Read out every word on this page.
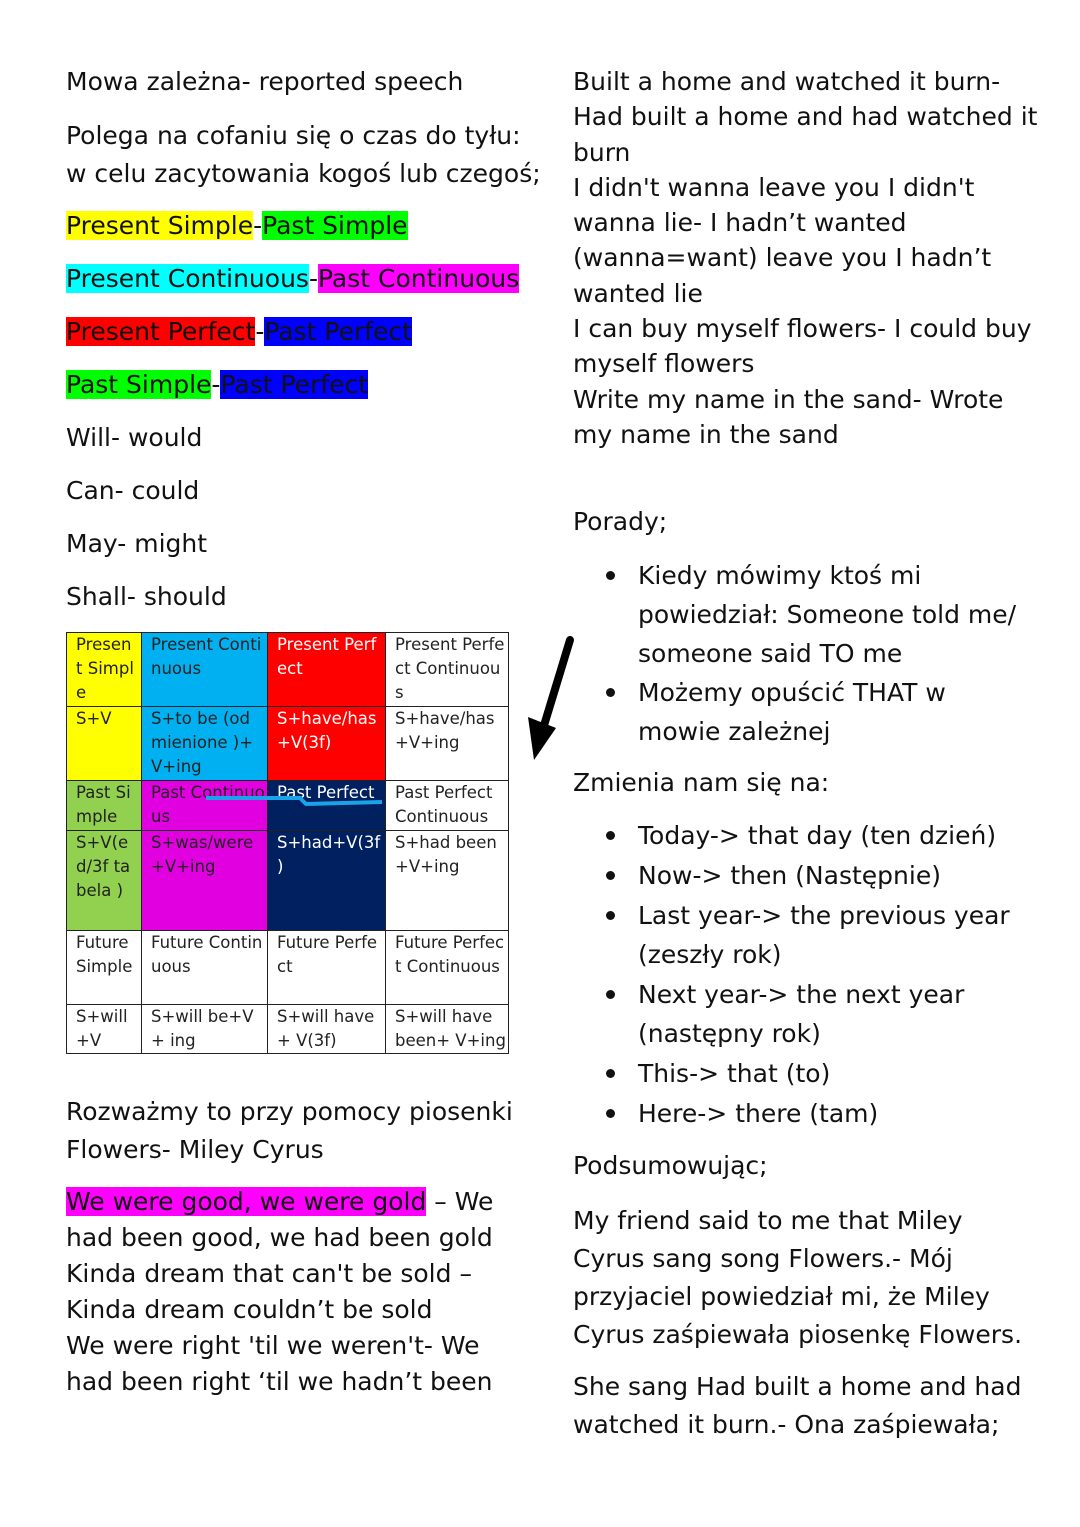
Mowa zależna- reported speech

Polega na cofaniu się o czas do tyłu:

w celu zacytowania kogoś lub czegoś;

Present Simple-Past Simple

Present Continuous-Past Continuous

Present Perfect-Past Perfect

Past Simple-Past Perfect

Will- would

Can- could

May- might

Shall- should

Presen t Simple	Present Continuous	Present Perfect	Present Perfect Continuous
S+V	S+to be (odmienione )+ V+ing	S+have/has +V(3f)	S+have/has +V+ing
Past Simple	Past Continuous	Past Perfect	Past Perfect Continuous
S+V(e d/3f tabela )	S+was/were +V+ing	S+had+V(3f )	S+had been+V+ing
Future Simple	Future Continuous	Future Perfect	Future Perfect Continuous
S+will +V	S+will be+V+ ing	S+will have+ V(3f)	S+will have been+ V+ing

Rozważmy to przy pomocy piosenki

Flowers- Miley Cyrus

We were good, we were gold – We

had been good, we had been gold

Kinda dream that can't be sold –

Kinda dream couldn’t be sold

We were right 'til we weren't- We

had been right ‘til we hadn’t been

Built a home and watched it burn-

Had built a home and had watched it

burn

I didn't wanna leave you I didn't

wanna lie- I hadn’t wanted

(wanna=want) leave you I hadn’t

wanted lie

I can buy myself flowers- I could buy

myself flowers

Write my name in the sand- Wrote

my name in the sand

Porady;

Kiedy mówimy ktoś mi
powiedział: Someone told me/
someone said TO me
Możemy opuścić THAT w
mowie zależnej

Zmienia nam się na:

Today-> that day (ten dzień)
Now-> then (Następnie)
Last year-> the previous year
(zeszły rok)
Next year-> the next year
(następny rok)
This-> that (to)
Here-> there (tam)

Podsumowując;

My friend said to me that Miley

Cyrus sang song Flowers.- Mój

przyjaciel powiedział mi, że Miley

Cyrus zaśpiewała piosenkę Flowers.

She sang Had built a home and had

watched it burn.- Ona zaśpiewała;
